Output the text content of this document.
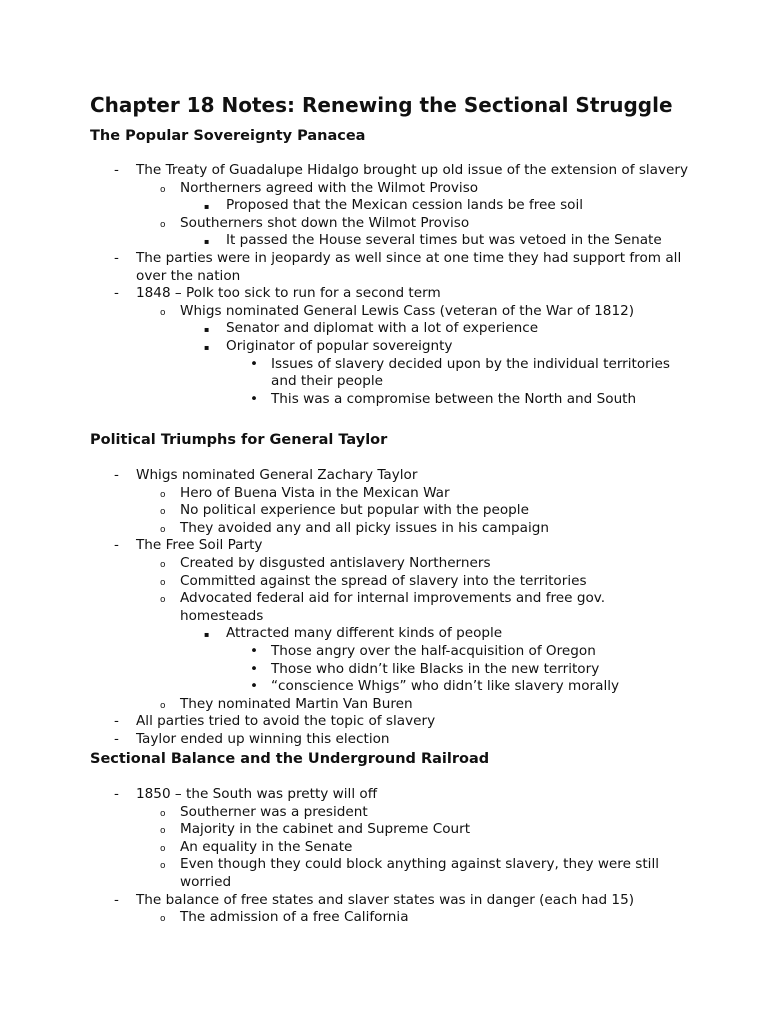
Chapter 18 Notes: Renewing the Sectional Struggle
The Popular Sovereignty Panacea
- The Treaty of Guadalupe Hidalgo brought up old issue of the extension of slavery
o Northerners agreed with the Wilmot Proviso
▪ Proposed that the Mexican cession lands be free soil
o Southerners shot down the Wilmot Proviso
▪ It passed the House several times but was vetoed in the Senate
- The parties were in jeopardy as well since at one time they had support from all over the nation
- 1848 – Polk too sick to run for a second term
o Whigs nominated General Lewis Cass (veteran of the War of 1812)
▪ Senator and diplomat with a lot of experience
▪ Originator of popular sovereignty
• Issues of slavery decided upon by the individual territories and their people
• This was a compromise between the North and South
Political Triumphs for General Taylor
- Whigs nominated General Zachary Taylor
o Hero of Buena Vista in the Mexican War
o No political experience but popular with the people
o They avoided any and all picky issues in his campaign
- The Free Soil Party
o Created by disgusted antislavery Northerners
o Committed against the spread of slavery into the territories
o Advocated federal aid for internal improvements and free gov. homesteads
▪ Attracted many different kinds of people
• Those angry over the half-acquisition of Oregon
• Those who didn’t like Blacks in the new territory
• “conscience Whigs” who didn’t like slavery morally
o They nominated Martin Van Buren
- All parties tried to avoid the topic of slavery
- Taylor ended up winning this election
Sectional Balance and the Underground Railroad
- 1850 – the South was pretty will off
o Southerner was a president
o Majority in the cabinet and Supreme Court
o An equality in the Senate
o Even though they could block anything against slavery, they were still worried
- The balance of free states and slaver states was in danger (each had 15)
o The admission of a free California
